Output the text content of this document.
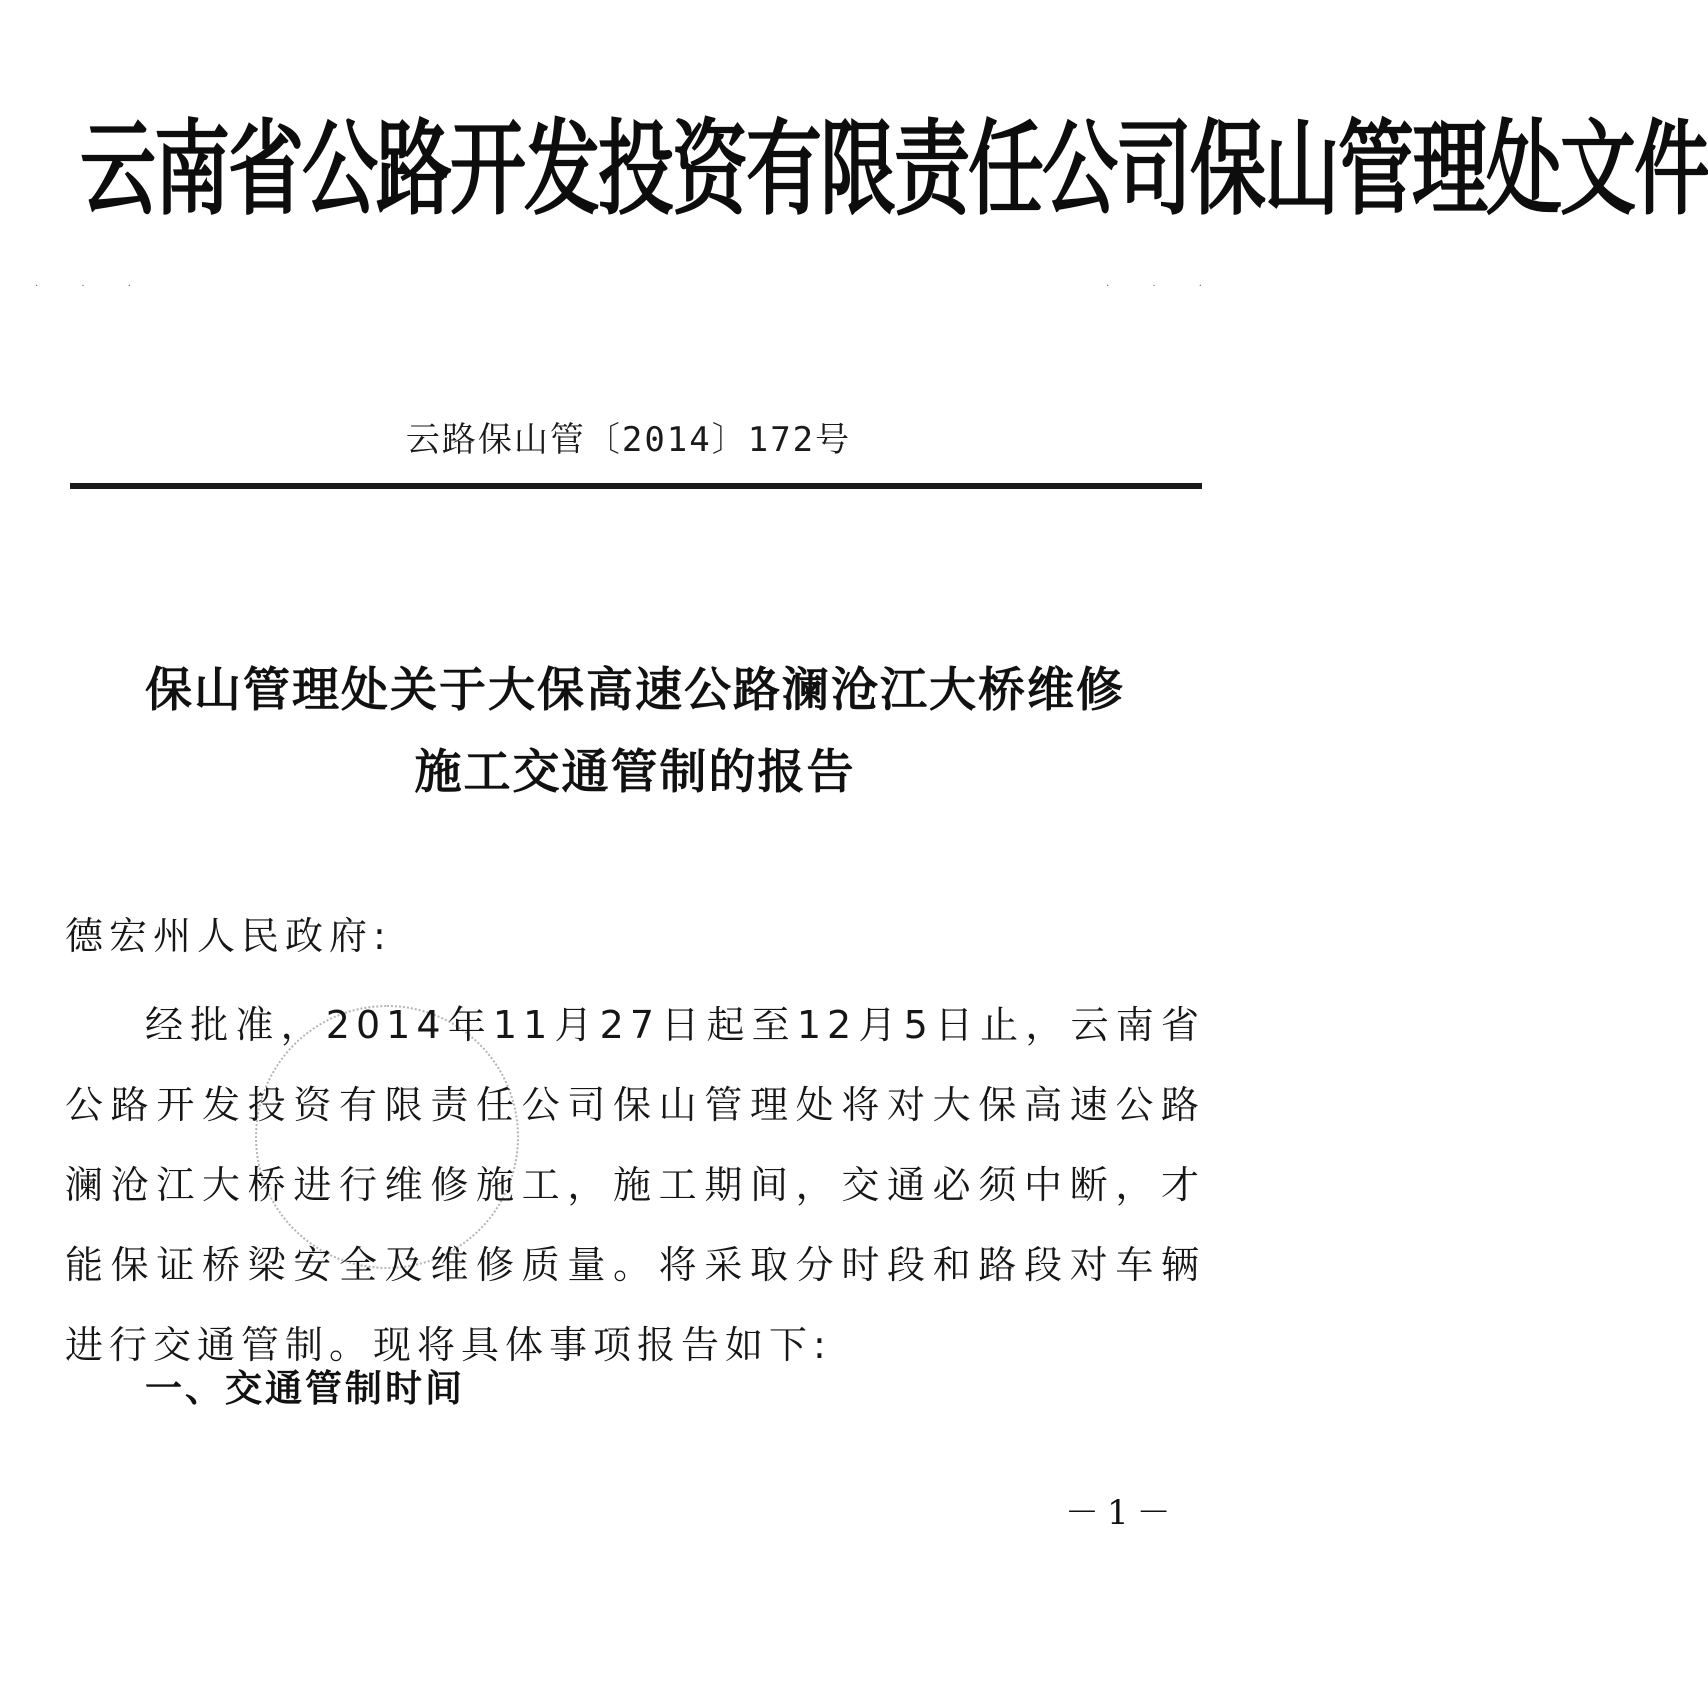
云南省公路开发投资有限责任公司保山管理处文件
· · ·	· · ·
云路保山管〔2014〕172号
保山管理处关于大保高速公路澜沧江大桥维修
施工交通管制的报告
德宏州人民政府:
经批准，2014年11月27日起至12月5日止，云南省公路开发投资有限责任公司保山管理处将对大保高速公路澜沧江大桥进行维修施工，施工期间，交通必须中断，才能保证桥梁安全及维修质量。将采取分时段和路段对车辆进行交通管制。现将具体事项报告如下:
一、交通管制时间
－1－
